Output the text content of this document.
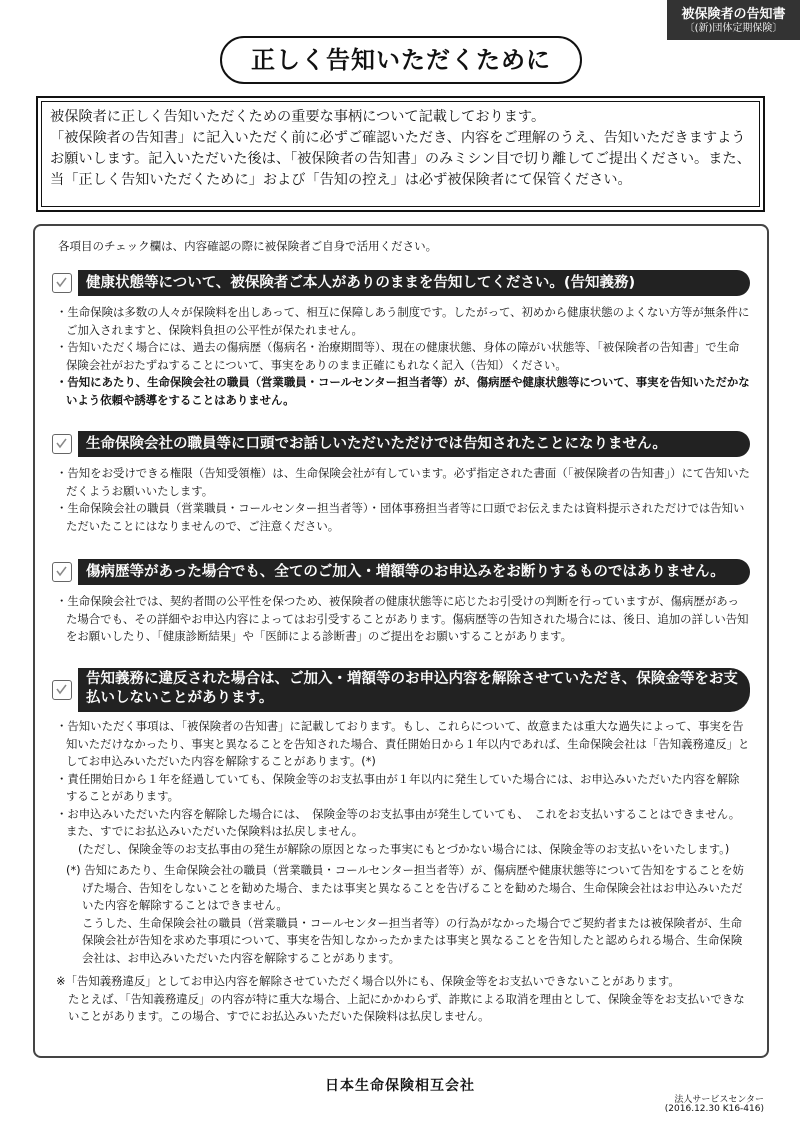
被保険者の告知書
〔(新)団体定期保険〕
正しく告知いただくために

被保険者に正しく告知いただくための重要な事柄について記載しております。

「被保険者の告知書」に記入いただく前に必ずご確認いただき、内容をご理解のうえ、告知いただきますようお願いします。記入いただいた後は、「被保険者の告知書」のみミシン目で切り離してご提出ください。また、当「正しく告知いただくために」および「告知の控え」は必ず被保険者にて保管ください。

各項目のチェック欄は、内容確認の際に被保険者ご自身で活用ください。
健康状態等について、被保険者ご本人がありのままを告知してください。(告知義務)
・生命保険は多数の人々が保険料を出しあって、相互に保障しあう制度です。したがって、初めから健康状態のよくない方等が無条件にご加入されますと、保険料負担の公平性が保たれません。
・告知いただく場合には、過去の傷病歴（傷病名・治療期間等）、現在の健康状態、身体の障がい状態等、「被保険者の告知書」で生命保険会社がおたずねすることについて、事実をありのまま正確にもれなく記入（告知）ください。
・告知にあたり、生命保険会社の職員（営業職員・コールセンター担当者等）が、傷病歴や健康状態等について、事実を告知いただかないよう依頼や誘導をすることはありません。
生命保険会社の職員等に口頭でお話しいただいただけでは告知されたことになりません。
・告知をお受けできる権限（告知受領権）は、生命保険会社が有しています。必ず指定された書面（「被保険者の告知書」）にて告知いただくようお願いいたします。
・生命保険会社の職員（営業職員・コールセンター担当者等）・団体事務担当者等に口頭でお伝えまたは資料提示されただけでは告知いただいたことにはなりませんので、ご注意ください。
傷病歴等があった場合でも、全てのご加入・増額等のお申込みをお断りするものではありません。
・生命保険会社では、契約者間の公平性を保つため、被保険者の健康状態等に応じたお引受けの判断を行っていますが、傷病歴があった場合でも、その詳細やお申込内容によってはお引受することがあります。傷病歴等の告知された場合には、後日、追加の詳しい告知をお願いしたり、「健康診断結果」や「医師による診断書」のご提出をお願いすることがあります。
告知義務に違反された場合は、ご加入・増額等のお申込内容を解除させていただき、保険金等をお支払いしないことがあります。
・告知いただく事項は、「被保険者の告知書」に記載しております。もし、これらについて、故意または重大な過失によって、事実を告知いただけなかったり、事実と異なることを告知された場合、責任開始日から１年以内であれば、生命保険会社は「告知義務違反」としてお申込みいただいた内容を解除することがあります。(*)
・責任開始日から１年を経過していても、保険金等のお支払事由が１年以内に発生していた場合には、お申込みいただいた内容を解除することがあります。
・お申込みいただいた内容を解除した場合には、　保険金等のお支払事由が発生していても、　これをお支払いすることはできません。また、すでにお払込みいただいた保険料は払戻しません。
(ただし、保険金等のお支払事由の発生が解除の原因となった事実にもとづかない場合には、保険金等のお支払いをいたします。)
(*) 告知にあたり、生命保険会社の職員（営業職員・コールセンター担当者等）が、傷病歴や健康状態等について告知をすることを妨げた場合、告知をしないことを勧めた場合、または事実と異なることを告げることを勧めた場合、生命保険会社はお申込みいただいた内容を解除することはできません。
こうした、生命保険会社の職員（営業職員・コールセンター担当者等）の行為がなかった場合でご契約者または被保険者が、生命保険会社が告知を求めた事項について、事実を告知しなかったかまたは事実と異なることを告知したと認められる場合、生命保険会社は、お申込みいただいた内容を解除することがあります。
※「告知義務違反」としてお申込内容を解除させていただく場合以外にも、保険金等をお支払いできないことがあります。
たとえば、「告知義務違反」の内容が特に重大な場合、上記にかかわらず、詐欺による取消を理由として、保険金等をお支払いできないことがあります。この場合、すでにお払込みいただいた保険料は払戻しません。
日本生命保険相互会社
法人サービスセンター
(2016.12.30 K16-416)
